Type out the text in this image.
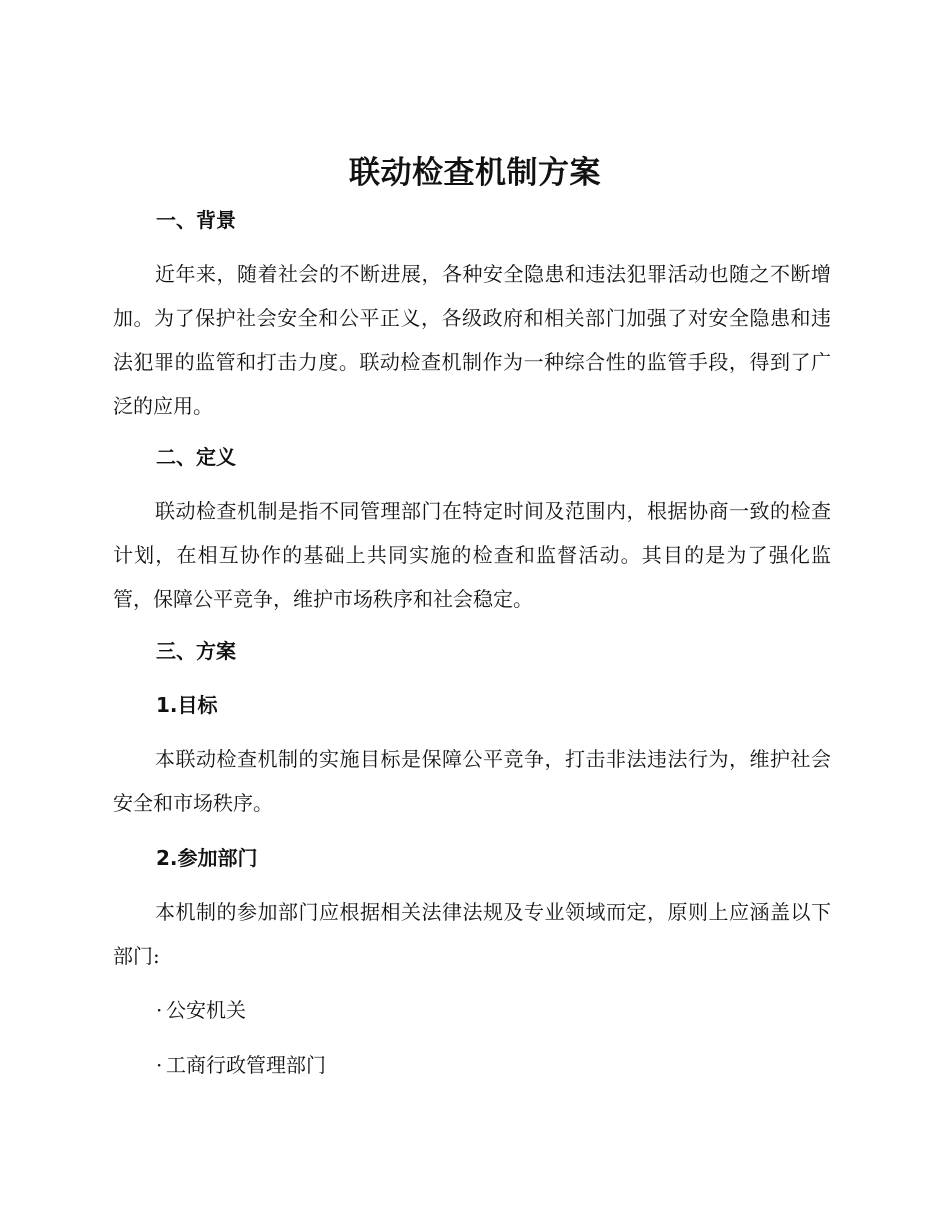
联动检查机制方案
一、背景
近年来，随着社会的不断进展，各种安全隐患和违法犯罪活动也随之不断增加。为了保护社会安全和公平正义，各级政府和相关部门加强了对安全隐患和违法犯罪的监管和打击力度。联动检查机制作为一种综合性的监管手段，得到了广泛的应用。
二、定义
联动检查机制是指不同管理部门在特定时间及范围内，根据协商一致的检查计划，在相互协作的基础上共同实施的检查和监督活动。其目的是为了强化监管，保障公平竞争，维护市场秩序和社会稳定。
三、方案
1.目标
本联动检查机制的实施目标是保障公平竞争，打击非法违法行为，维护社会安全和市场秩序。
2.参加部门
本机制的参加部门应根据相关法律法规及专业领域而定，原则上应涵盖以下部门:
· 公安机关
· 工商行政管理部门
